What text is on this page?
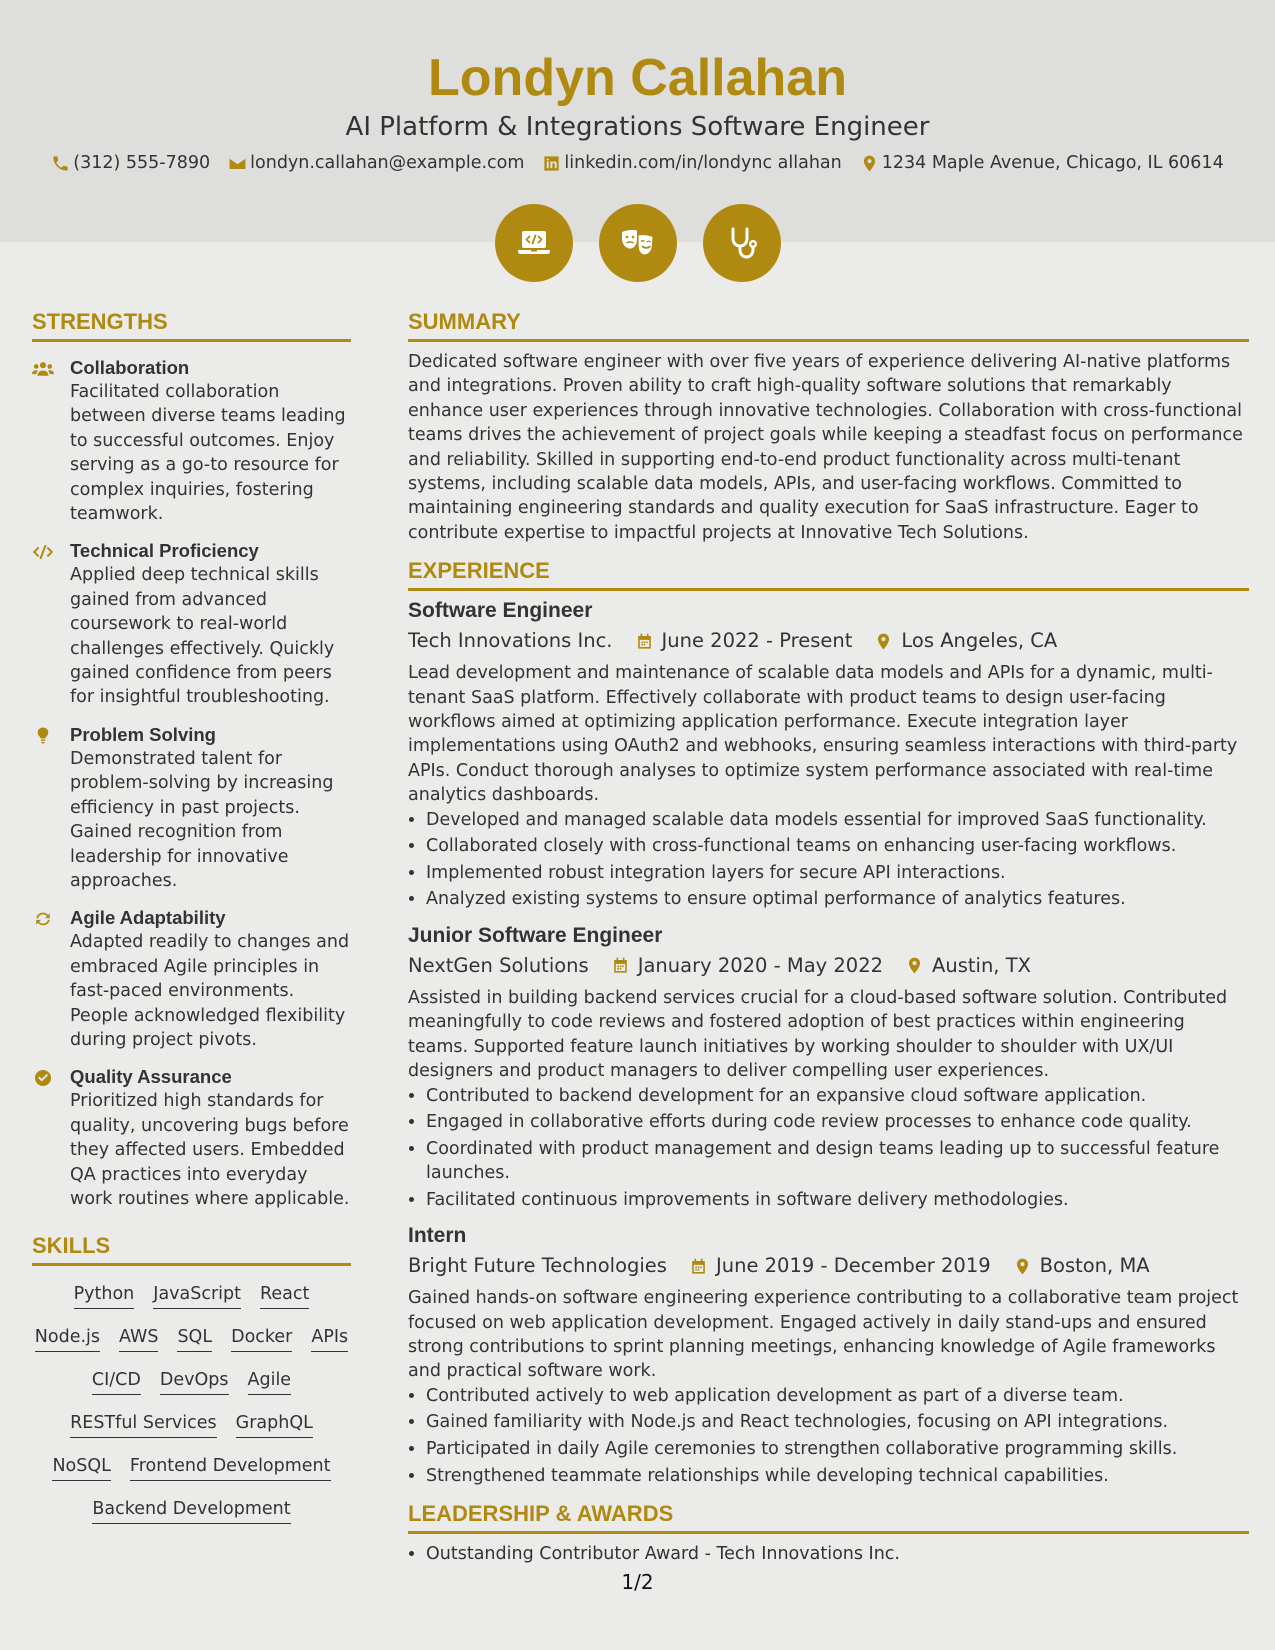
Londyn Callahan
AI Platform & Integrations Software Engineer
(312) 555-7890 londyn.callahan@example.com linkedin.com/in/londync allahan 1234 Maple Avenue, Chicago, IL 60614
STRENGTHS
Collaboration

Facilitated collaboration between diverse teams leading to successful outcomes. Enjoy serving as a go-to resource for complex inquiries, fostering teamwork.

Technical Proficiency

Applied deep technical skills gained from advanced coursework to real-world challenges effectively. Quickly gained confidence from peers for insightful troubleshooting.

Problem Solving

Demonstrated talent for problem-solving by increasing efficiency in past projects. Gained recognition from leadership for innovative approaches.

Agile Adaptability

Adapted readily to changes and embraced Agile principles in fast-paced environments. People acknowledged flexibility during project pivots.

Quality Assurance

Prioritized high standards for quality, uncovering bugs before they affected users. Embedded QA practices into everyday work routines where applicable.

SKILLS
Python JavaScript React
Node.js AWS SQL Docker APIs
CI/CD DevOps Agile
RESTful Services GraphQL
NoSQL Frontend Development
Backend Development
SUMMARY

Dedicated software engineer with over five years of experience delivering AI-native platforms and integrations. Proven ability to craft high-quality software solutions that remarkably enhance user experiences through innovative technologies. Collaboration with cross-functional teams drives the achievement of project goals while keeping a steadfast focus on performance and reliability. Skilled in supporting end-to-end product functionality across multi-tenant systems, including scalable data models, APIs, and user-facing workflows. Committed to maintaining engineering standards and quality execution for SaaS infrastructure. Eager to contribute expertise to impactful projects at Innovative Tech Solutions.

EXPERIENCE
Software Engineer
Tech Innovations Inc.	June 2022 - Present	Los Angeles, CA

Lead development and maintenance of scalable data models and APIs for a dynamic, multi-tenant SaaS platform. Effectively collaborate with product teams to design user-facing workflows aimed at optimizing application performance. Execute integration layer implementations using OAuth2 and webhooks, ensuring seamless interactions with third-party APIs. Conduct thorough analyses to optimize system performance associated with real-time analytics dashboards.

• Developed and managed scalable data models essential for improved SaaS functionality.
• Collaborated closely with cross-functional teams on enhancing user-facing workflows.
• Implemented robust integration layers for secure API interactions.
• Analyzed existing systems to ensure optimal performance of analytics features.
Junior Software Engineer
NextGen Solutions	January 2020 - May 2022	Austin, TX

Assisted in building backend services crucial for a cloud-based software solution. Contributed meaningfully to code reviews and fostered adoption of best practices within engineering teams. Supported feature launch initiatives by working shoulder to shoulder with UX/UI designers and product managers to deliver compelling user experiences.

• Contributed to backend development for an expansive cloud software application.
• Engaged in collaborative efforts during code review processes to enhance code quality.
• Coordinated with product management and design teams leading up to successful feature launches.
• Facilitated continuous improvements in software delivery methodologies.
Intern
Bright Future Technologies	June 2019 - December 2019	Boston, MA

Gained hands-on software engineering experience contributing to a collaborative team project focused on web application development. Engaged actively in daily stand-ups and ensured strong contributions to sprint planning meetings, enhancing knowledge of Agile frameworks and practical software work.

• Contributed actively to web application development as part of a diverse team.
• Gained familiarity with Node.js and React technologies, focusing on API integrations.
• Participated in daily Agile ceremonies to strengthen collaborative programming skills.
• Strengthened teammate relationships while developing technical capabilities.
LEADERSHIP & AWARDS
• Outstanding Contributor Award - Tech Innovations Inc.
1/2
